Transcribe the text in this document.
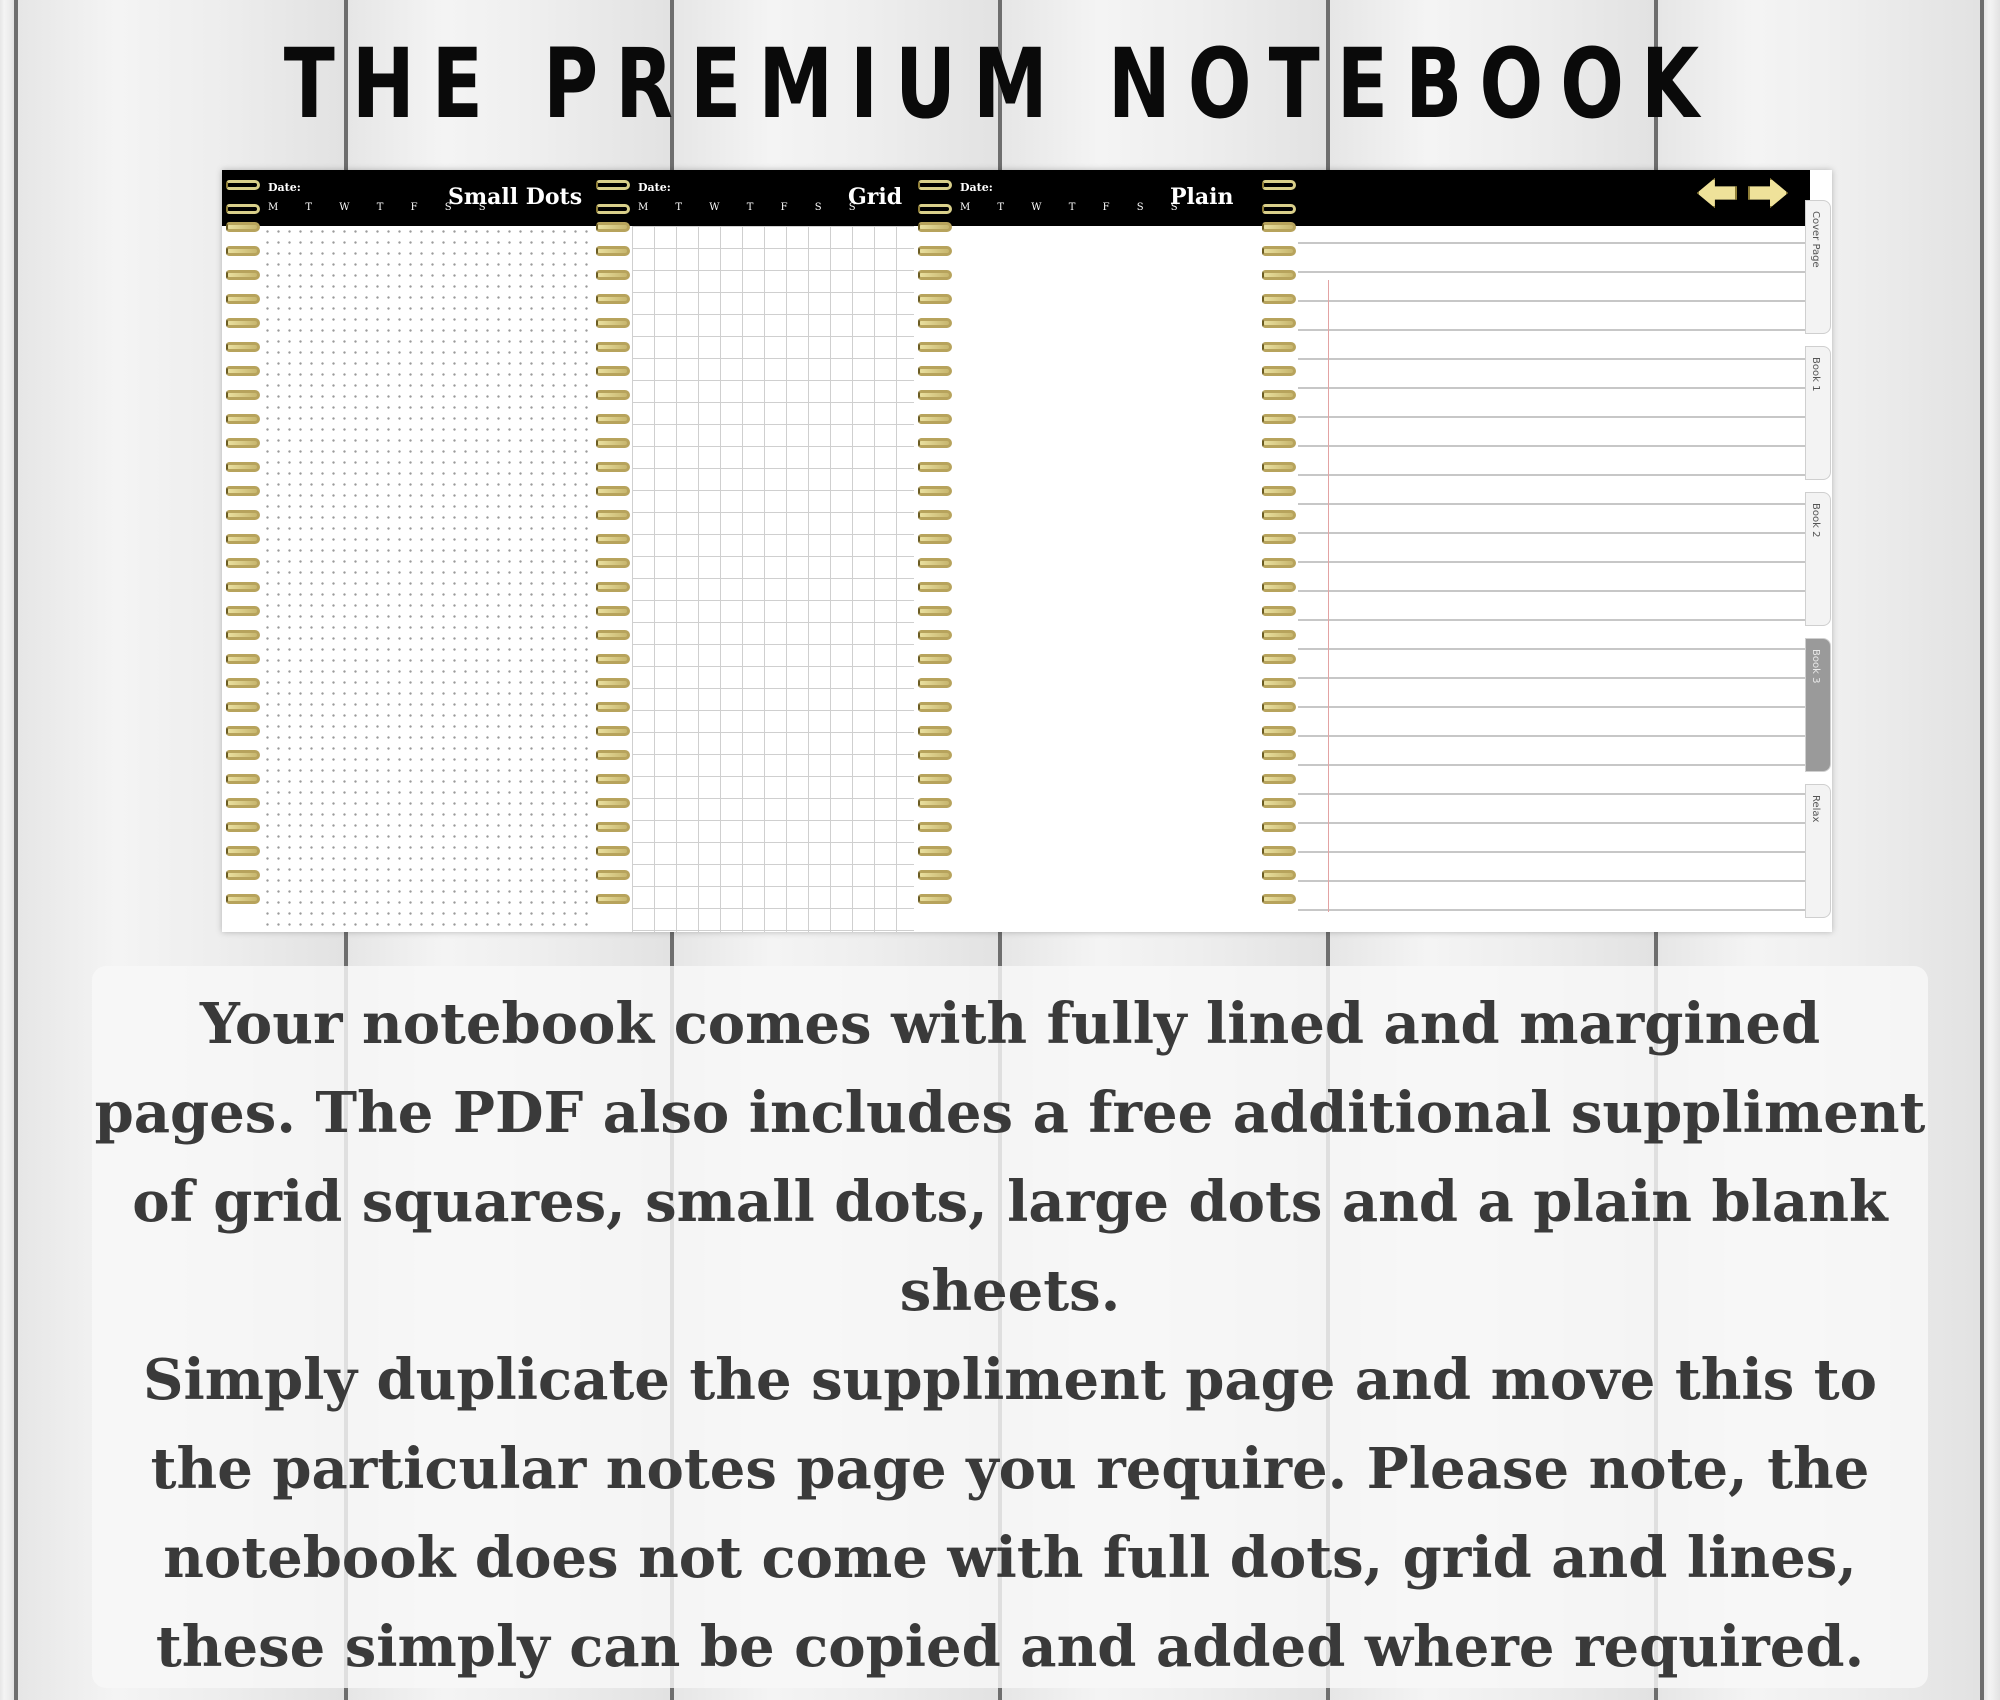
THE PREMIUM NOTEBOOK
Date:
M T W T F S S
Small Dots	Date:
M T W T F S S
Grid	Date:
M T W T F S S
Plain

Cover Page
Book 1
Book 2
Book 3
Relax
Your notebook comes with fully lined and margined pages. The PDF also includes a free additional suppliment of grid squares, small dots, large dots and a plain blank sheets.
Simply duplicate the suppliment page and move this to the particular notes page you require. Please note, the notebook does not come with full dots, grid and lines, these simply can be copied and added where required.
